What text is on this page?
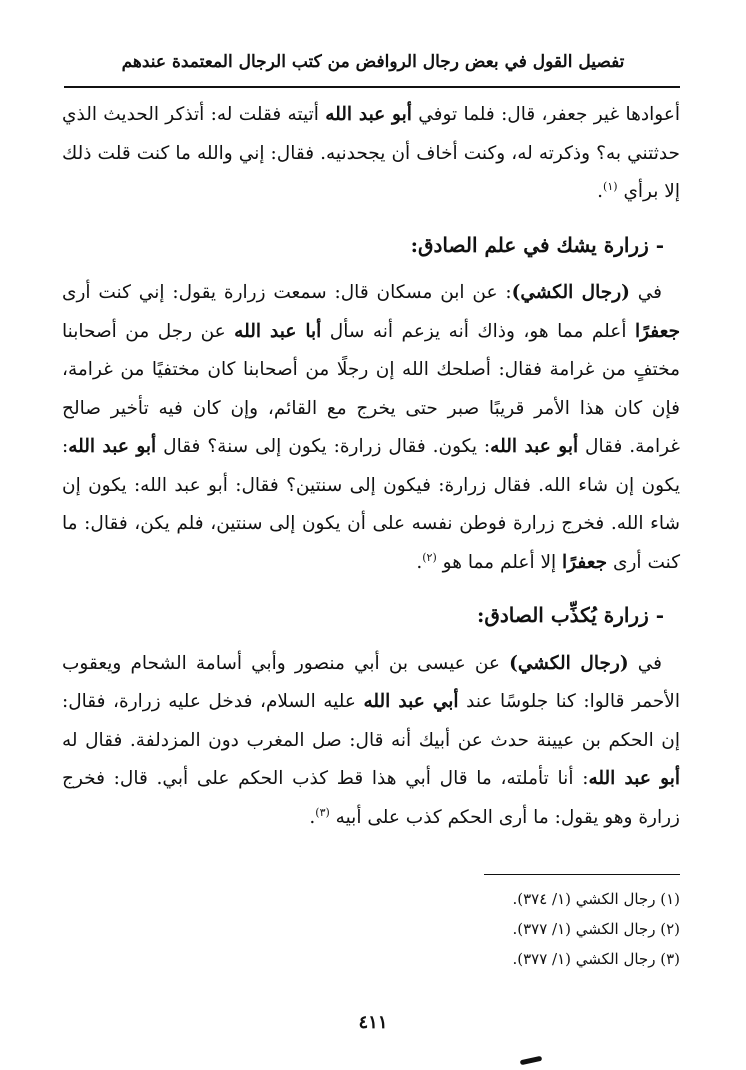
تفصيل القول في بعض رجال الروافض من كتب الرجال المعتمدة عندهم

أعوادها غير جعفر، قال: فلما توفي أبو عبد الله أتيته فقلت له: أتذكر الحديث الذي حدثتني به؟ وذكرته له، وكنت أخاف أن يجحدنيه. فقال: إني والله ما كنت قلت ذلك إلا برأي $^{(١)}$.

- زرارة يشك في علم الصادق:

في (رجال الكشي): عن ابن مسكان قال: سمعت زرارة يقول: إني كنت أرى جعفرًا أعلم مما هو، وذاك أنه يزعم أنه سأل أبا عبد الله عن رجل من أصحابنا مختفٍ من غرامة فقال: أصلحك الله إن رجلًا من أصحابنا كان مختفيًا من غرامة، فإن كان هذا الأمر قريبًا صبر حتى يخرج مع القائم، وإن كان فيه تأخير صالح غرامة. فقال أبو عبد الله: يكون. فقال زرارة: يكون إلى سنة؟ فقال أبو عبد الله: يكون إن شاء الله. فقال زرارة: فيكون إلى سنتين؟ فقال: أبو عبد الله: يكون إن شاء الله. فخرج زرارة فوطن نفسه على أن يكون إلى سنتين، فلم يكن، فقال: ما كنت أرى جعفرًا إلا أعلم مما هو $^{(٢)}$.

- زرارة يُكذِّب الصادق:

في (رجال الكشي) عن عيسى بن أبي منصور وأبي أسامة الشحام ويعقوب الأحمر قالوا: كنا جلوسًا عند أبي عبد الله عليه السلام، فدخل عليه زرارة، فقال: إن الحكم بن عيينة حدث عن أبيك أنه قال: صل المغرب دون المزدلفة. فقال له أبو عبد الله: أنا تأملته، ما قال أبي هذا قط كذب الحكم على أبي. قال: فخرج زرارة وهو يقول: ما أرى الحكم كذب على أبيه $^{(٣)}$.

(١) رجال الكشي (١/ ٣٧٤).
(٢) رجال الكشي (١/ ٣٧٧).
(٣) رجال الكشي (١/ ٣٧٧).
٤١١
